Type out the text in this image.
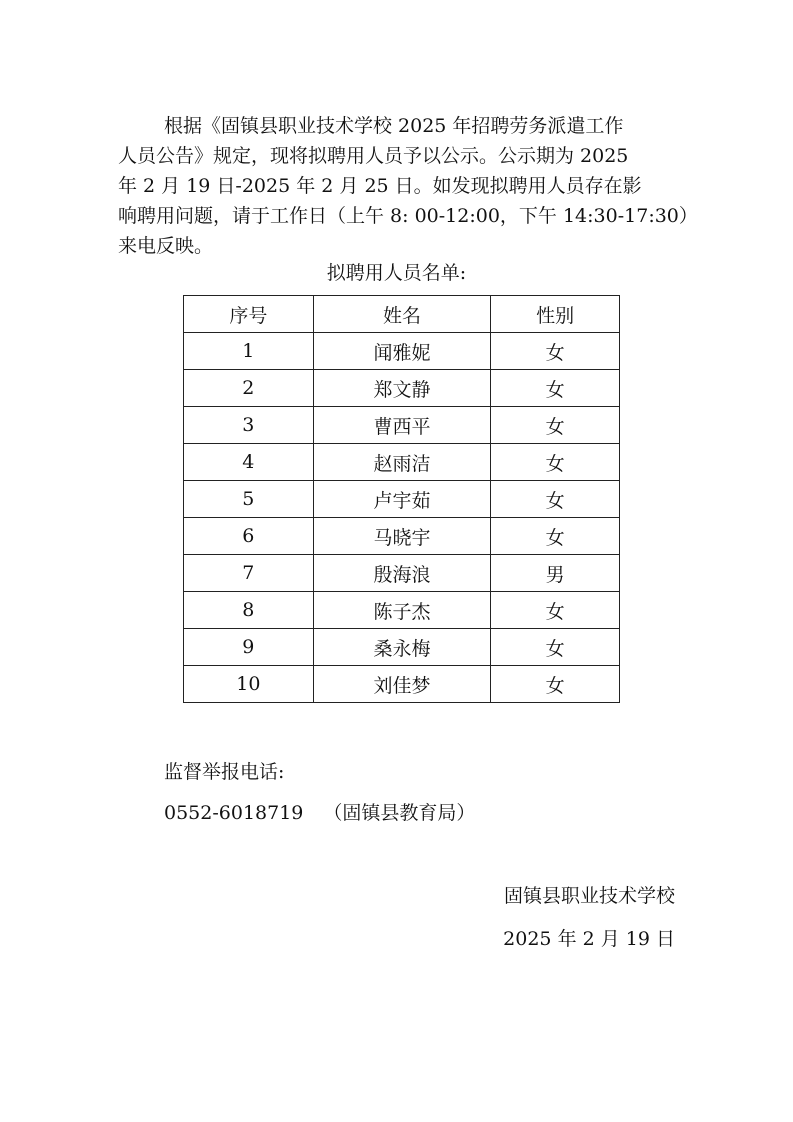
根据《固镇县职业技术学校 2025 年招聘劳务派遣工作
人员公告》规定，现将拟聘用人员予以公示。公示期为 2025
年 2 月 19 日-2025 年 2 月 25 日。如发现拟聘用人员存在影
响聘用问题，请于工作日（上午 8: 00-12:00，下午 14:30-17:30）
来电反映。

拟聘用人员名单:

序号	姓名	性别
1	闻雅妮	女
2	郑文静	女
3	曹西平	女
4	赵雨洁	女
5	卢宇茹	女
6	马晓宇	女
7	殷海浪	男
8	陈子杰	女
9	桑永梅	女
10	刘佳梦	女

监督举报电话:

0552-6018719 （固镇县教育局）

固镇县职业技术学校

2025 年 2 月 19 日
